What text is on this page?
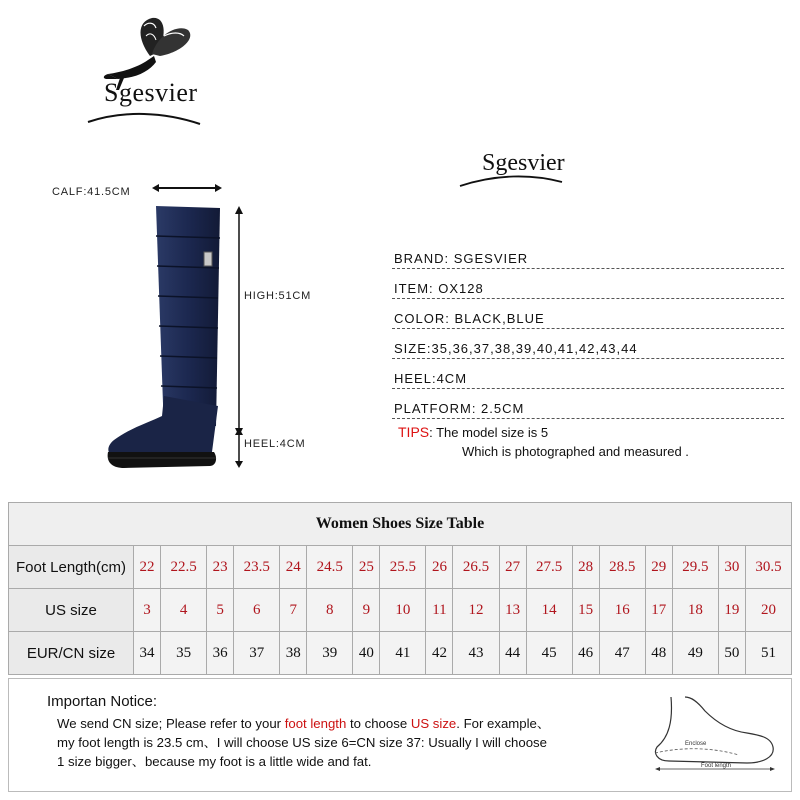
Sgesvier
Sgesvier
CALF:41.5CM
HIGH:51CM
HEEL:4CM
BRAND: SGESVIER
ITEM: OX128
COLOR: BLACK,BLUE
SIZE:35,36,37,38,39,40,41,42,43,44
HEEL:4CM
PLATFORM: 2.5CM
TIPS: The model size is 5
Which is photographed and measured .
Women Shoes Size Table																		
Foot Length(cm)	22	22.5	23	23.5	24	24.5	25	25.5	26	26.5	27	27.5	28	28.5	29	29.5	30	30.5
US size	3	4	5	6	7	8	9	10	11	12	13	14	15	16	17	18	19	20
EUR/CN size	34	35	36	37	38	39	40	41	42	43	44	45	46	47	48	49	50	51
Importan Notice:
We send CN size; Please refer to your foot length to choose US size. For example、
my foot length is 23.5 cm、I will choose US size 6=CN size 37: Usually I will choose
1 size bigger、because my foot is a little wide and fat.
Enclose
Foot length
